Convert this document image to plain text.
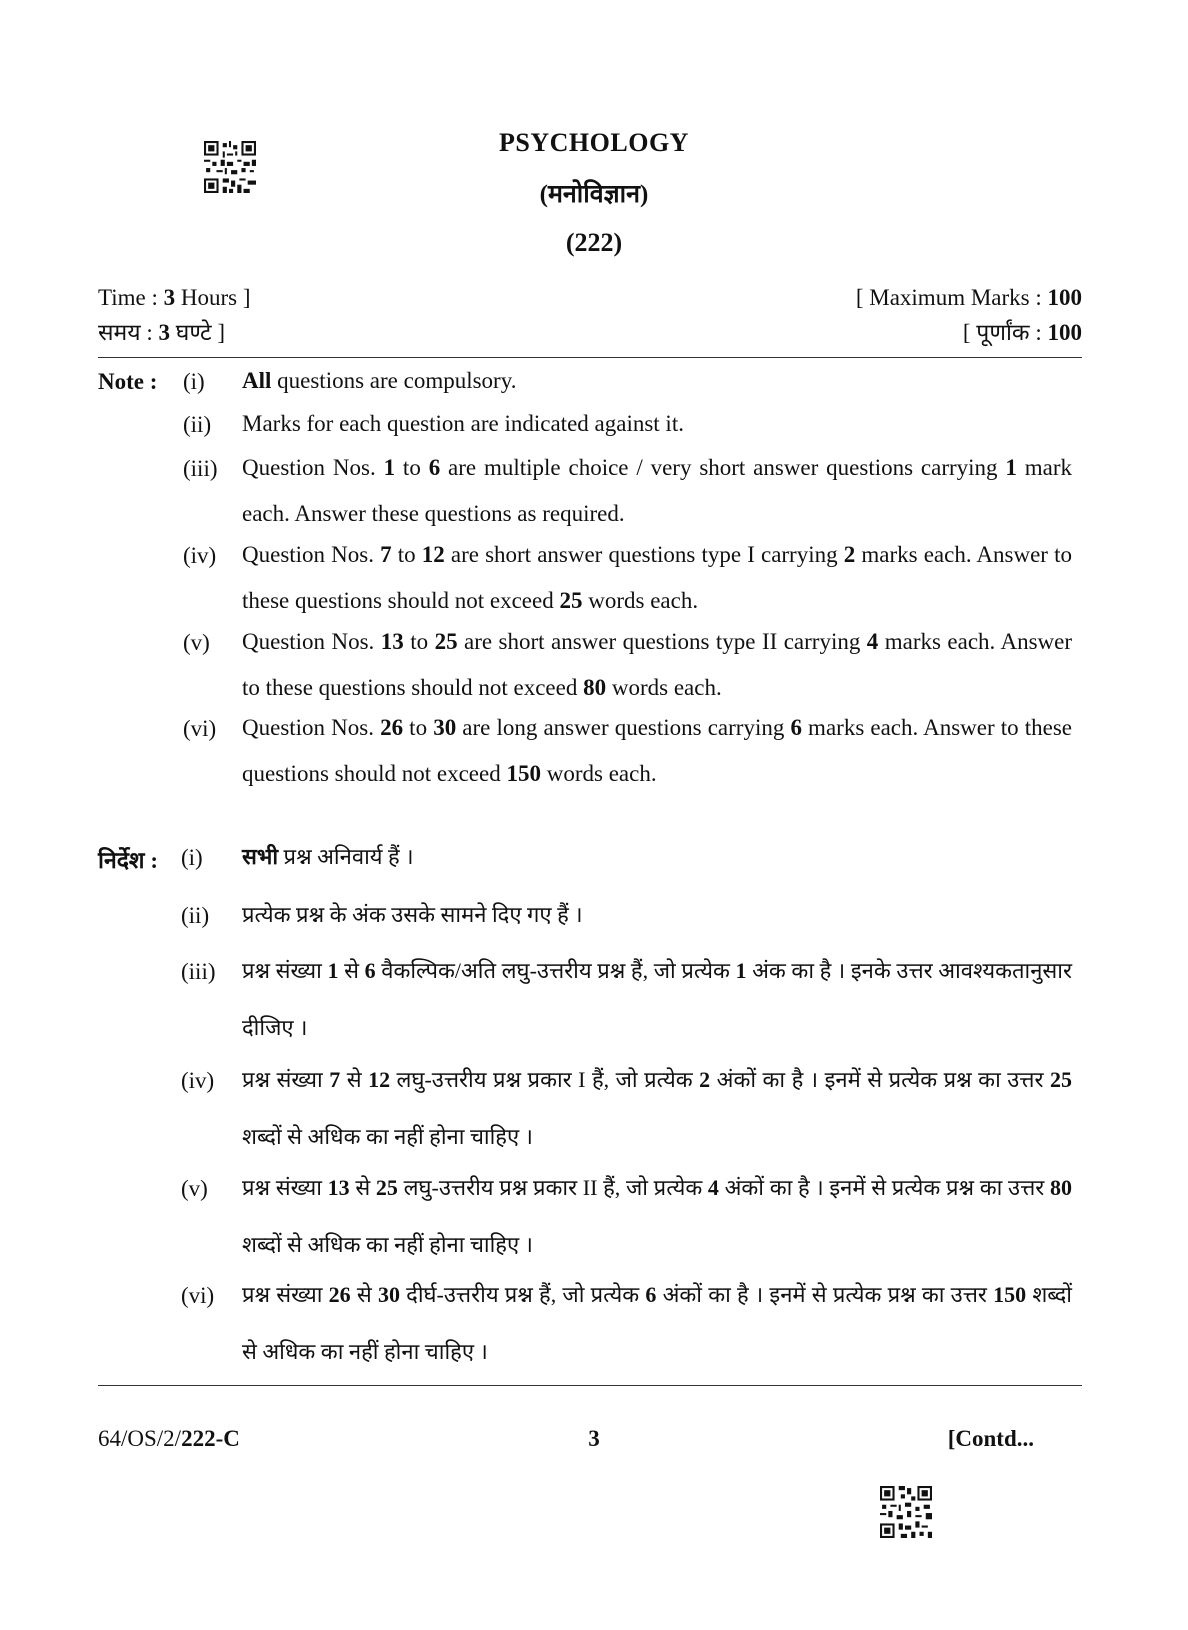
PSYCHOLOGY
(मनोविज्ञान)
(222)
Time : 3 Hours ]
समय : 3 घण्टे ]
[ Maximum Marks : 100
[ पूर्णांक : 100
Note : (i) All questions are compulsory.
(ii) Marks for each question are indicated against it.
(iii) Question Nos. 1 to 6 are multiple choice / very short answer questions carrying 1 mark each. Answer these questions as required.
(iv) Question Nos. 7 to 12 are short answer questions type I carrying 2 marks each. Answer to these questions should not exceed 25 words each.
(v) Question Nos. 13 to 25 are short answer questions type II carrying 4 marks each. Answer to these questions should not exceed 80 words each.
(vi) Question Nos. 26 to 30 are long answer questions carrying 6 marks each. Answer to these questions should not exceed 150 words each.
निर्देश : (i) सभी प्रश्न अनिवार्य हैं ।
(ii) प्रत्येक प्रश्न के अंक उसके सामने दिए गए हैं ।
(iii) प्रश्न संख्या 1 से 6 वैकल्पिक/अति लघु-उत्तरीय प्रश्न हैं, जो प्रत्येक 1 अंक का है । इनके उत्तर आवश्यकतानुसार दीजिए ।
(iv) प्रश्न संख्या 7 से 12 लघु-उत्तरीय प्रश्न प्रकार I हैं, जो प्रत्येक 2 अंकों का है । इनमें से प्रत्येक प्रश्न का उत्तर 25 शब्दों से अधिक का नहीं होना चाहिए ।
(v) प्रश्न संख्या 13 से 25 लघु-उत्तरीय प्रश्न प्रकार II हैं, जो प्रत्येक 4 अंकों का है । इनमें से प्रत्येक प्रश्न का उत्तर 80 शब्दों से अधिक का नहीं होना चाहिए ।
(vi) प्रश्न संख्या 26 से 30 दीर्घ-उत्तरीय प्रश्न हैं, जो प्रत्येक 6 अंकों का है । इनमें से प्रत्येक प्रश्न का उत्तर 150 शब्दों से अधिक का नहीं होना चाहिए ।
64/OS/2/222-C	3	[Contd...
